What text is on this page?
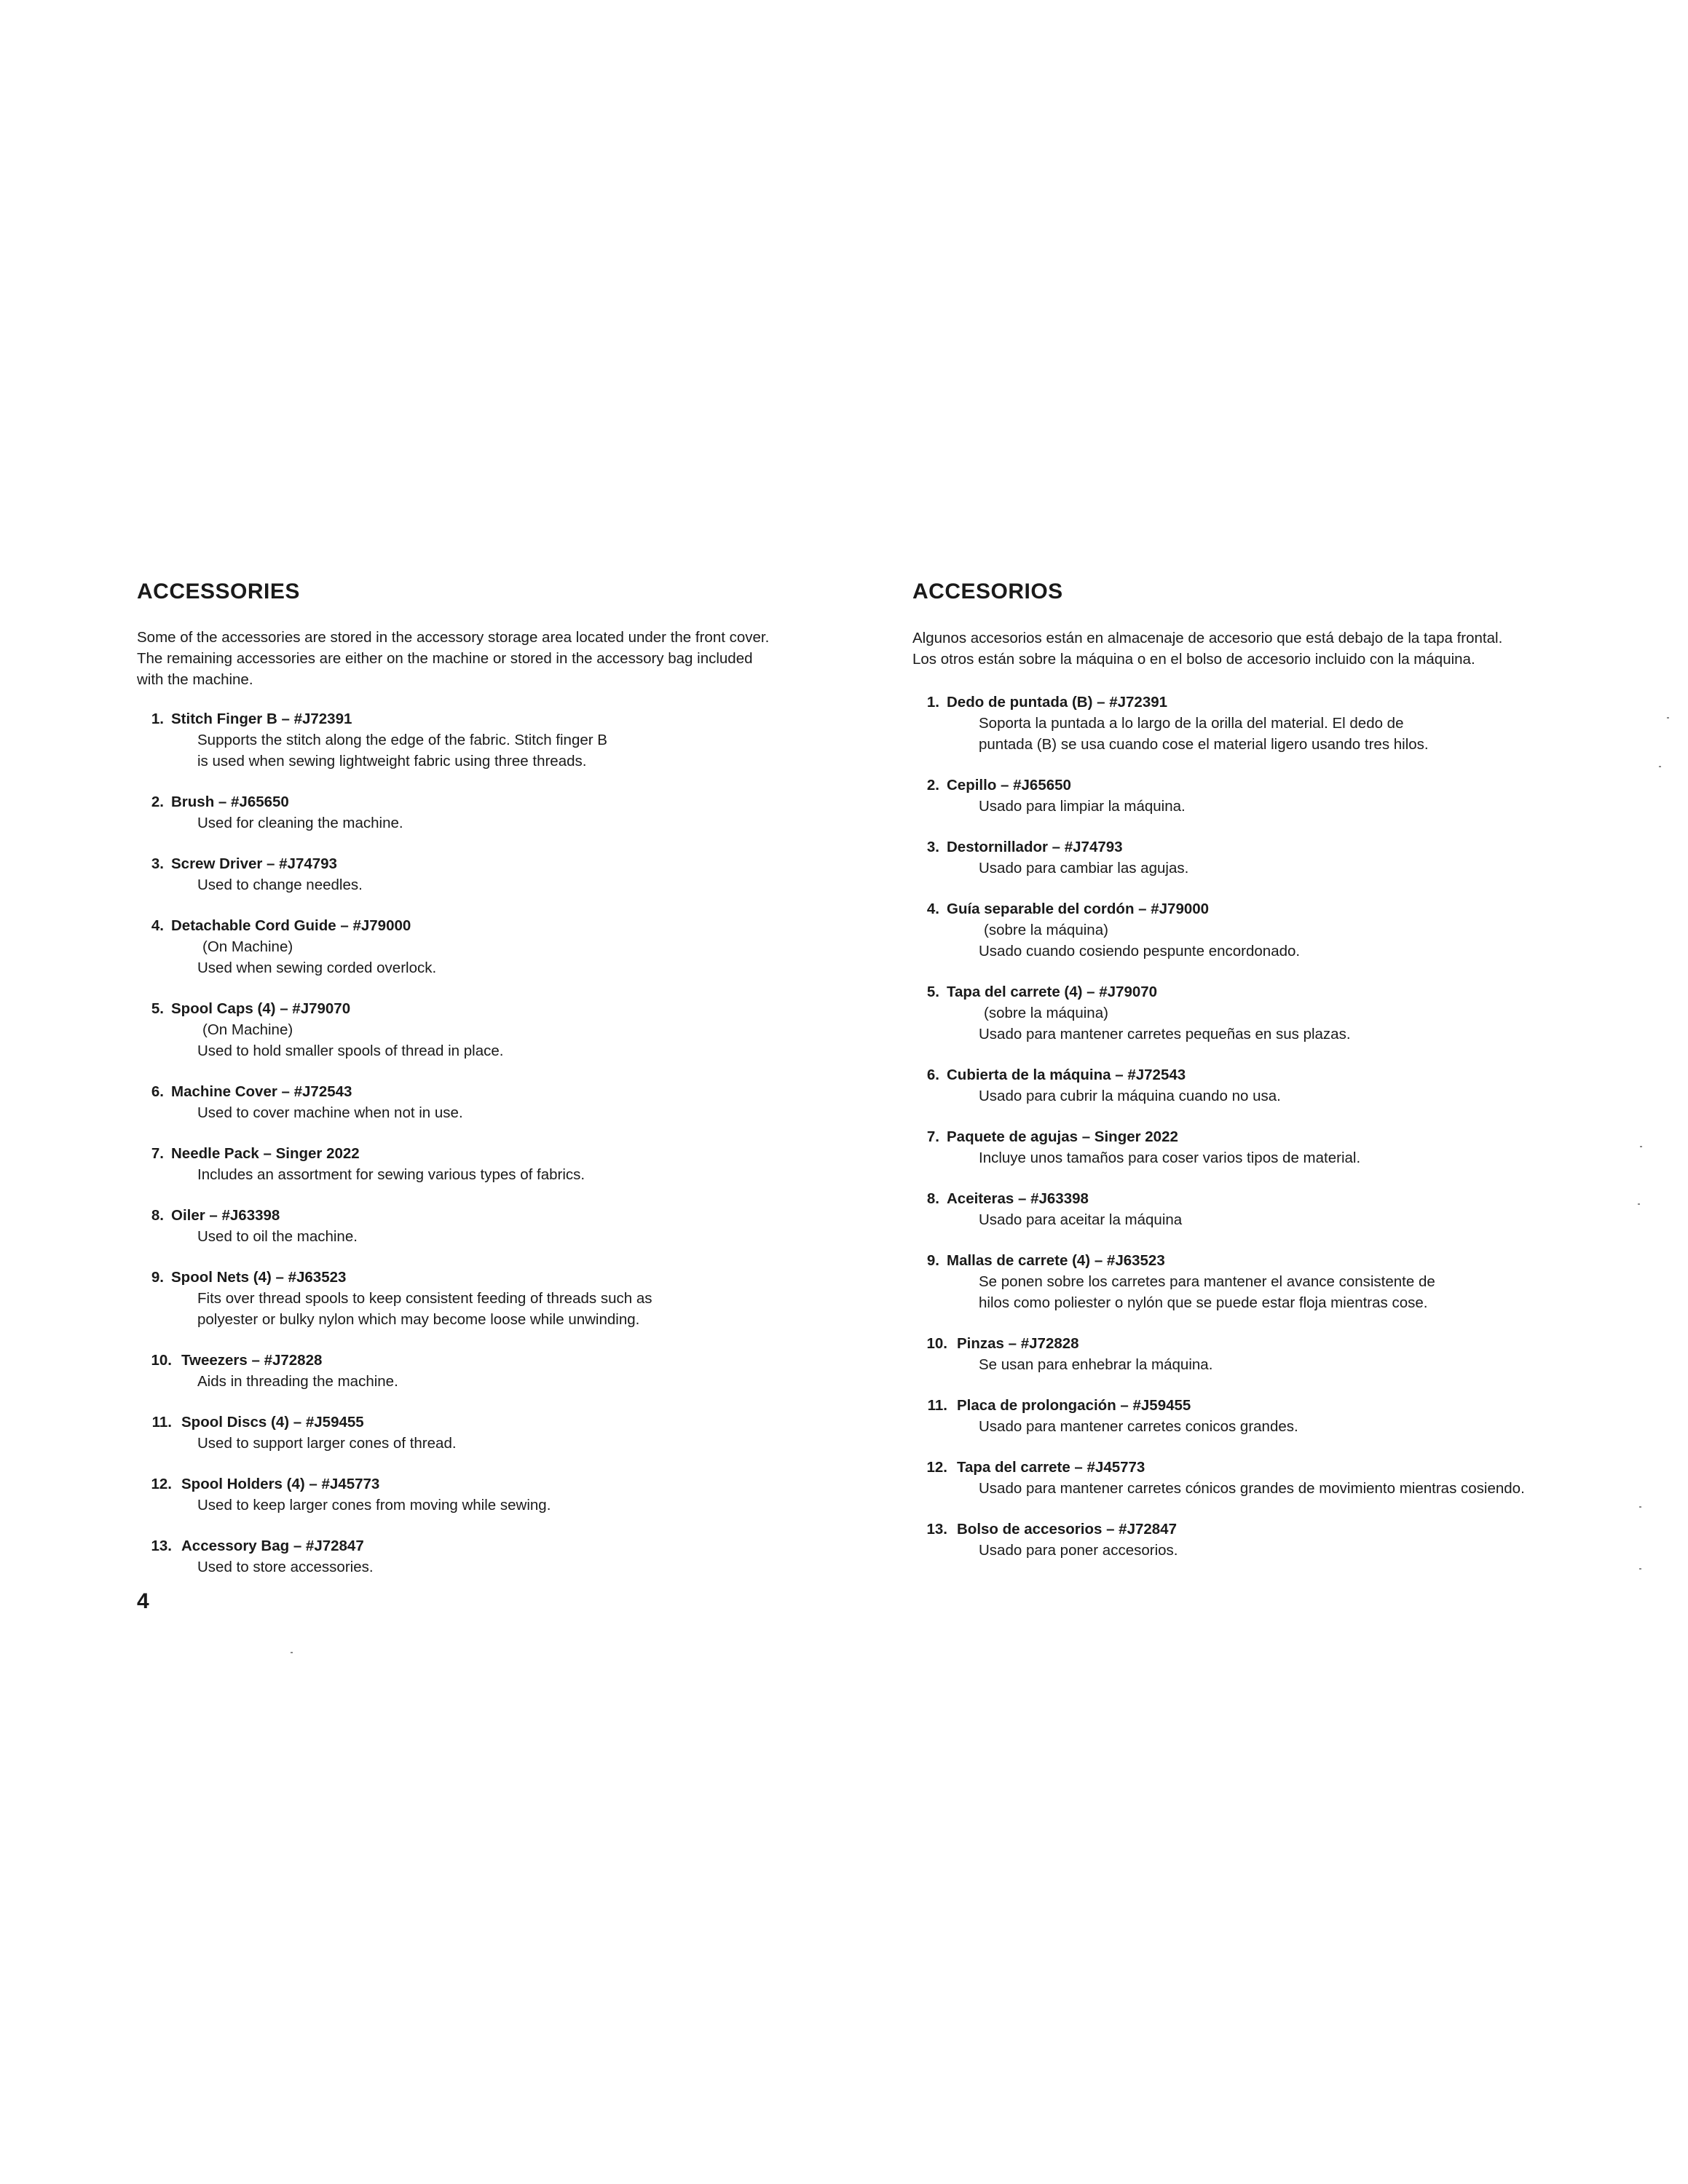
ACCESSORIES

Some of the accessories are stored in the accessory storage area located under the front cover.
The remaining accessories are either on the machine or stored in the accessory bag included
with the machine.

1. Stitch Finger B – #J72391
Supports the stitch along the edge of the fabric. Stitch finger B
is used when sewing lightweight fabric using three threads.
2. Brush – #J65650
Used for cleaning the machine.
3. Screw Driver – #J74793
Used to change needles.
4. Detachable Cord Guide – #J79000
(On Machine)
Used when sewing corded overlock.
5. Spool Caps (4) – #J79070
(On Machine)
Used to hold smaller spools of thread in place.
6. Machine Cover – #J72543
Used to cover machine when not in use.
7. Needle Pack – Singer 2022
Includes an assortment for sewing various types of fabrics.
8. Oiler – #J63398
Used to oil the machine.
9. Spool Nets (4) – #J63523
Fits over thread spools to keep consistent feeding of threads such as
polyester or bulky nylon which may become loose while unwinding.
10. Tweezers – #J72828
Aids in threading the machine.
11. Spool Discs (4) – #J59455
Used to support larger cones of thread.
12. Spool Holders (4) – #J45773
Used to keep larger cones from moving while sewing.
13. Accessory Bag – #J72847
Used to store accessories.
ACCESORIOS

Algunos accesorios están en almacenaje de accesorio que está debajo de la tapa frontal.
Los otros están sobre la máquina o en el bolso de accesorio incluido con la máquina.

1. Dedo de puntada (B) – #J72391
Soporta la puntada a lo largo de la orilla del material. El dedo de
puntada (B) se usa cuando cose el material ligero usando tres hilos.
2. Cepillo – #J65650
Usado para limpiar la máquina.
3. Destornillador – #J74793
Usado para cambiar las agujas.
4. Guía separable del cordón – #J79000
(sobre la máquina)
Usado cuando cosiendo pespunte encordonado.
5. Tapa del carrete (4) – #J79070
(sobre la máquina)
Usado para mantener carretes pequeñas en sus plazas.
6. Cubierta de la máquina – #J72543
Usado para cubrir la máquina cuando no usa.
7. Paquete de agujas – Singer 2022
Incluye unos tamaños para coser varios tipos de material.
8. Aceiteras – #J63398
Usado para aceitar la máquina
9. Mallas de carrete (4) – #J63523
Se ponen sobre los carretes para mantener el avance consistente de
hilos como poliester o nylón que se puede estar floja mientras cose.
10. Pinzas – #J72828
Se usan para enhebrar la máquina.
11. Placa de prolongación – #J59455
Usado para mantener carretes conicos grandes.
12. Tapa del carrete – #J45773
Usado para mantener carretes cónicos grandes de movimiento mientras cosiendo.
13. Bolso de accesorios – #J72847
Usado para poner accesorios.
4
